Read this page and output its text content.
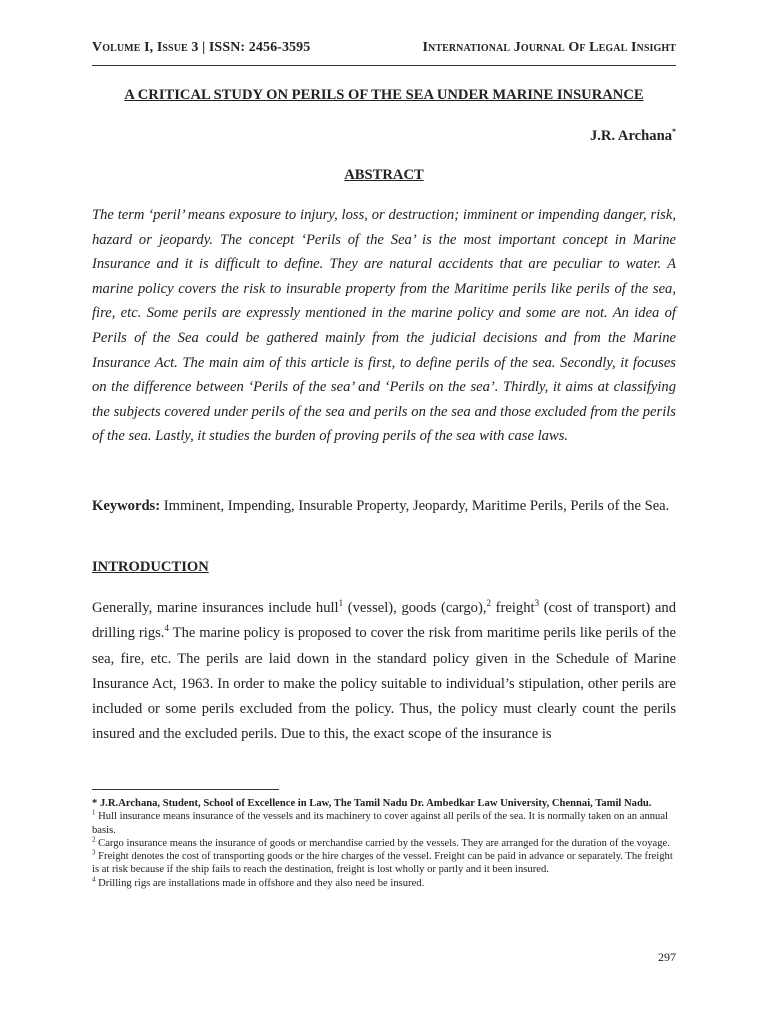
Volume I, Issue 3 | ISSN: 2456-3595	International Journal Of Legal Insight
A CRITICAL STUDY ON PERILS OF THE SEA UNDER MARINE INSURANCE
J.R. Archana*
ABSTRACT

The term ‘peril’ means exposure to injury, loss, or destruction; imminent or impending danger, risk, hazard or jeopardy. The concept ‘Perils of the Sea’ is the most important concept in Marine Insurance and it is difficult to define. They are natural accidents that are peculiar to water. A marine policy covers the risk to insurable property from the Maritime perils like perils of the sea, fire, etc. Some perils are expressly mentioned in the marine policy and some are not. An idea of Perils of the Sea could be gathered mainly from the judicial decisions and from the Marine Insurance Act. The main aim of this article is first, to define perils of the sea. Secondly, it focuses on the difference between ‘Perils of the sea’ and ‘Perils on the sea’. Thirdly, it aims at classifying the subjects covered under perils of the sea and perils on the sea and those excluded from the perils of the sea. Lastly, it studies the burden of proving perils of the sea with case laws.

Keywords: Imminent, Impending, Insurable Property, Jeopardy, Maritime Perils, Perils of the Sea.

INTRODUCTION

Generally, marine insurances include hull$^1$ (vessel), goods (cargo),$^2$ freight$^3$ (cost of transport) and drilling rigs.$^4$ The marine policy is proposed to cover the risk from maritime perils like perils of the sea, fire, etc. The perils are laid down in the standard policy given in the Schedule of Marine Insurance Act, 1963. In order to make the policy suitable to individual’s stipulation, other perils are included or some perils excluded from the policy. Thus, the policy must clearly count the perils insured and the excluded perils. Due to this, the exact scope of the insurance is

* J.R.Archana, Student, School of Excellence in Law, The Tamil Nadu Dr. Ambedkar Law University, Chennai, Tamil Nadu.

$^1$ Hull insurance means insurance of the vessels and its machinery to cover against all perils of the sea. It is normally taken on an annual basis.

$^2$ Cargo insurance means the insurance of goods or merchandise carried by the vessels. They are arranged for the duration of the voyage.

$^3$ Freight denotes the cost of transporting goods or the hire charges of the vessel. Freight can be paid in advance or separately. The freight is at risk because if the ship fails to reach the destination, freight is lost wholly or partly and it been insured.

$^4$ Drilling rigs are installations made in offshore and they also need be insured.

297
